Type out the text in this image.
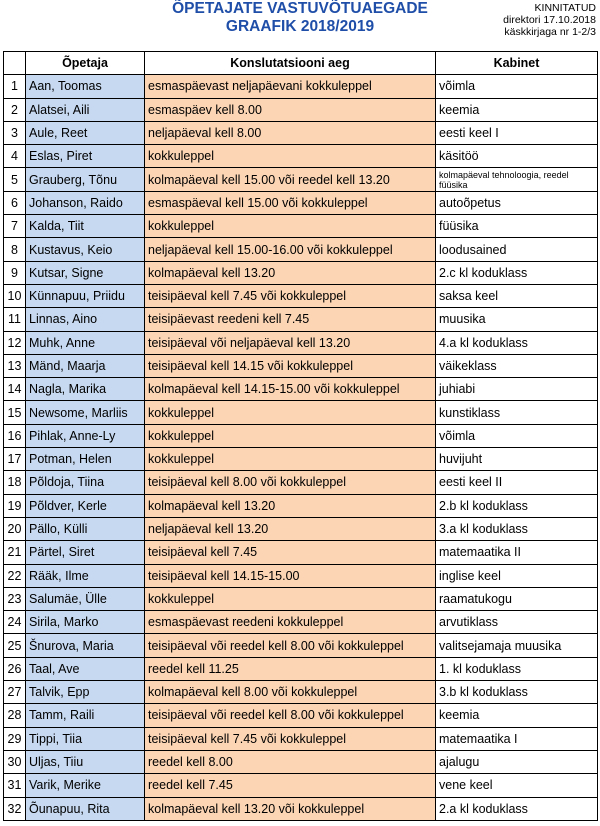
ÕPETAJATE VASTUVÕTUAEGADE
GRAAFIK 2018/2019
KINNITATUD
direktori 17.10.2018
käskkirjaga nr 1-2/3
	Õpetaja	Konslutatsiooni aeg	Kabinet
1	Aan, Toomas	esmaspäevast neljapäevani kokkuleppel	võimla
2	Alatsei, Aili	esmaspäev kell 8.00	keemia
3	Aule, Reet	neljapäeval kell 8.00	eesti keel I
4	Eslas, Piret	kokkuleppel	käsitöö
5	Grauberg, Tõnu	kolmapäeval kell 15.00 või reedel kell 13.20	kolmapäeval tehnoloogia, reedel füüsika
6	Johanson, Raido	esmaspäeval kell 15.00 või kokkuleppel	autoõpetus
7	Kalda, Tiit	kokkuleppel	füüsika
8	Kustavus, Keio	neljapäeval kell 15.00-16.00 või kokkuleppel	loodusained
9	Kutsar, Signe	kolmapäeval kell 13.20	2.c kl koduklass
10	Künnapuu, Priidu	teisipäeval kell 7.45 või kokkuleppel	saksa keel
11	Linnas, Aino	teisipäevast reedeni kell 7.45	muusika
12	Muhk, Anne	teisipäeval või neljapäeval kell 13.20	4.a kl koduklass
13	Mänd, Maarja	teisipäeval kell 14.15 või kokkuleppel	väikeklass
14	Nagla, Marika	kolmapäeval kell 14.15-15.00 või kokkuleppel	juhiabi
15	Newsome, Marliis	kokkuleppel	kunstiklass
16	Pihlak, Anne-Ly	kokkuleppel	võimla
17	Potman, Helen	kokkuleppel	huvijuht
18	Põldoja, Tiina	teisipäeval kell 8.00 või kokkuleppel	eesti keel II
19	Põldver, Kerle	kolmapäeval kell 13.20	2.b kl koduklass
20	Pällo, Külli	neljapäeval kell 13.20	3.a kl koduklass
21	Pärtel, Siret	teisipäeval kell 7.45	matemaatika II
22	Rääk, Ilme	teisipäeval kell 14.15-15.00	inglise keel
23	Salumäe, Ülle	kokkuleppel	raamatukogu
24	Sirila, Marko	esmaspäevast reedeni kokkuleppel	arvutiklass
25	Šnurova, Maria	teisipäeval või reedel kell 8.00 või kokkuleppel	valitsejamaja muusika
26	Taal, Ave	reedel kell 11.25	1. kl koduklass
27	Talvik, Epp	kolmapäeval kell 8.00 või kokkuleppel	3.b kl koduklass
28	Tamm, Raili	teisipäeval või reedel kell 8.00 või kokkuleppel	keemia
29	Tippi, Tiia	teisipäeval kell 7.45 või kokkuleppel	matemaatika I
30	Uljas, Tiiu	reedel kell 8.00	ajalugu
31	Varik, Merike	reedel kell 7.45	vene keel
32	Õunapuu, Rita	kolmapäeval kell 13.20 või kokkuleppel	2.a kl koduklass
